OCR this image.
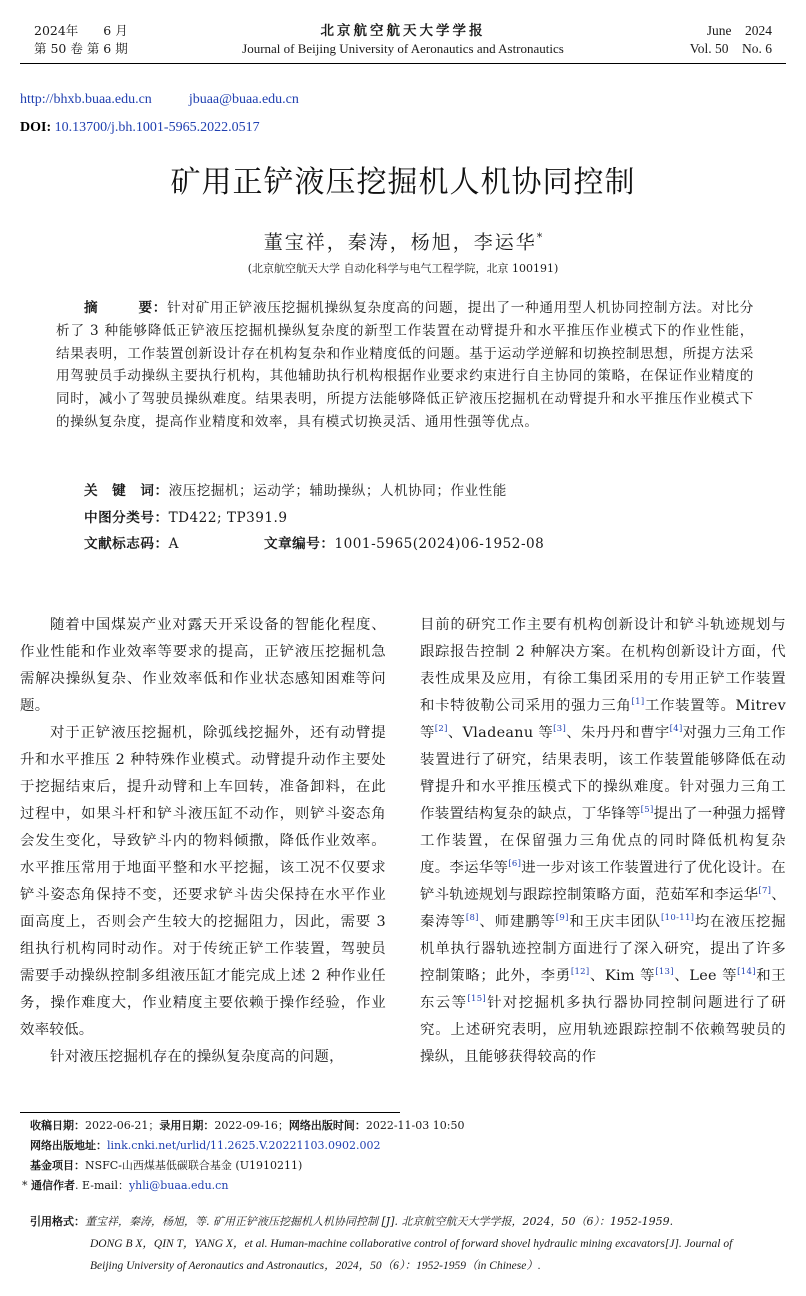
2024年　　6 月
第 50 卷 第 6 期
北京航空航天大学学报
Journal of Beijing University of Aeronautics and Astronautics
June　2024
Vol. 50　No. 6
http://bhxb.buaa.edu.cn	jbuaa@buaa.edu.cn
DOI: 10.13700/j.bh.1001-5965.2022.0517
矿用正铲液压挖掘机人机协同控制
董宝祥，秦涛，杨旭，李运华*
(北京航空航天大学 自动化科学与电气工程学院，北京 100191)
摘	要：针对矿用正铲液压挖掘机操纵复杂度高的问题，提出了一种通用型人机协同控制方法。对比分析了 3 种能够降低正铲液压挖掘机操纵复杂度的新型工作装置在动臂提升和水平推压作业模式下的作业性能，结果表明，工作装置创新设计存在机构复杂和作业精度低的问题。基于运动学逆解和切换控制思想，所提方法采用驾驶员手动操纵主要执行机构，其他辅助执行机构根据作业要求约束进行自主协同的策略，在保证作业精度的同时，减小了驾驶员操纵难度。结果表明，所提方法能够降低正铲液压挖掘机在动臂提升和水平推压作业模式下的操纵复杂度，提高作业精度和效率，具有模式切换灵活、通用性强等优点。
关　键　词：液压挖掘机；运动学；辅助操纵；人机协同；作业性能
中图分类号：TD422; TP391.9
文献标志码：A	文章编号：1001-5965(2024)06-1952-08

随着中国煤炭产业对露天开采设备的智能化程度、作业性能和作业效率等要求的提高，正铲液压挖掘机急需解决操纵复杂、作业效率低和作业状态感知困难等问题。

对于正铲液压挖掘机，除弧线挖掘外，还有动臂提升和水平推压 2 种特殊作业模式。动臂提升动作主要处于挖掘结束后，提升动臂和上车回转，准备卸料，在此过程中，如果斗杆和铲斗液压缸不动作，则铲斗姿态角会发生变化，导致铲斗内的物料倾撒，降低作业效率。水平推压常用于地面平整和水平挖掘，该工况不仅要求铲斗姿态角保持不变，还要求铲斗齿尖保持在水平作业面高度上，否则会产生较大的挖掘阻力，因此，需要 3 组执行机构同时动作。对于传统正铲工作装置，驾驶员需要手动操纵控制多组液压缸才能完成上述 2 种作业任务，操作难度大，作业精度主要依赖于操作经验，作业效率较低。

针对液压挖掘机存在的操纵复杂度高的问题，

目前的研究工作主要有机构创新设计和铲斗轨迹规划与跟踪报告控制 2 种解决方案。在机构创新设计方面，代表性成果及应用，有徐工集团采用的专用正铲工作装置和卡特彼勒公司采用的强力三角[1]工作装置等。Mitrev 等[2]、Vladeanu 等[3]、朱丹丹和曹宇[4]对强力三角工作装置进行了研究，结果表明，该工作装置能够降低在动臂提升和水平推压模式下的操纵难度。针对强力三角工作装置结构复杂的缺点，丁华锋等[5]提出了一种强力摇臂工作装置，在保留强力三角优点的同时降低机构复杂度。李运华等[6]进一步对该工作装置进行了优化设计。在铲斗轨迹规划与跟踪控制策略方面，范茹军和李运华[7]、秦涛等[8]、师建鹏等[9]和王庆丰团队[10-11]均在液压挖掘机单执行器轨迹控制方面进行了深入研究，提出了许多控制策略；此外，李勇[12]、Kim 等[13]、Lee 等[14]和王东云等[15]针对挖掘机多执行器协同控制问题进行了研究。上述研究表明，应用轨迹跟踪控制不依赖驾驶员的操纵，且能够获得较高的作

收稿日期：2022-06-21；录用日期：2022-09-16；网络出版时间：2022-11-03 10:50
网络出版地址：link.cnki.net/urlid/11.2625.V.20221103.0902.002
基金项目：NSFC-山西煤基低碳联合基金 (U1910211)
* 通信作者. E-mail：yhli@buaa.edu.cn
引用格式：董宝祥，秦涛，杨旭，等. 矿用正铲液压挖掘机人机协同控制 [J]. 北京航空航天大学学报，2024，50（6）：1952-1959.
DONG B X，QIN T，YANG X，et al. Human-machine collaborative control of forward shovel hydraulic mining excavators[J]. Journal of
Beijing University of Aeronautics and Astronautics，2024，50（6）：1952-1959（in Chinese）.
